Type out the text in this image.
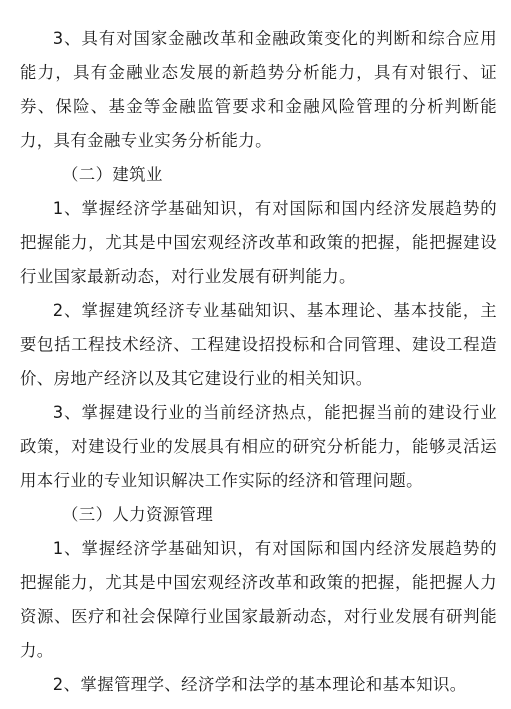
3、具有对国家金融改革和金融政策变化的判断和综合应用能力，具有金融业态发展的新趋势分析能力，具有对银行、证券、保险、基金等金融监管要求和金融风险管理的分析判断能力，具有金融专业实务分析能力。

（二）建筑业

1、掌握经济学基础知识，有对国际和国内经济发展趋势的把握能力，尤其是中国宏观经济改革和政策的把握，能把握建设行业国家最新动态，对行业发展有研判能力。

2、掌握建筑经济专业基础知识、基本理论、基本技能，主要包括工程技术经济、工程建设招投标和合同管理、建设工程造价、房地产经济以及其它建设行业的相关知识。

3、掌握建设行业的当前经济热点，能把握当前的建设行业政策，对建设行业的发展具有相应的研究分析能力，能够灵活运用本行业的专业知识解决工作实际的经济和管理问题。

（三）人力资源管理

1、掌握经济学基础知识，有对国际和国内经济发展趋势的把握能力，尤其是中国宏观经济改革和政策的把握，能把握人力资源、医疗和社会保障行业国家最新动态，对行业发展有研判能力。

2、掌握管理学、经济学和法学的基本理论和基本知识。
